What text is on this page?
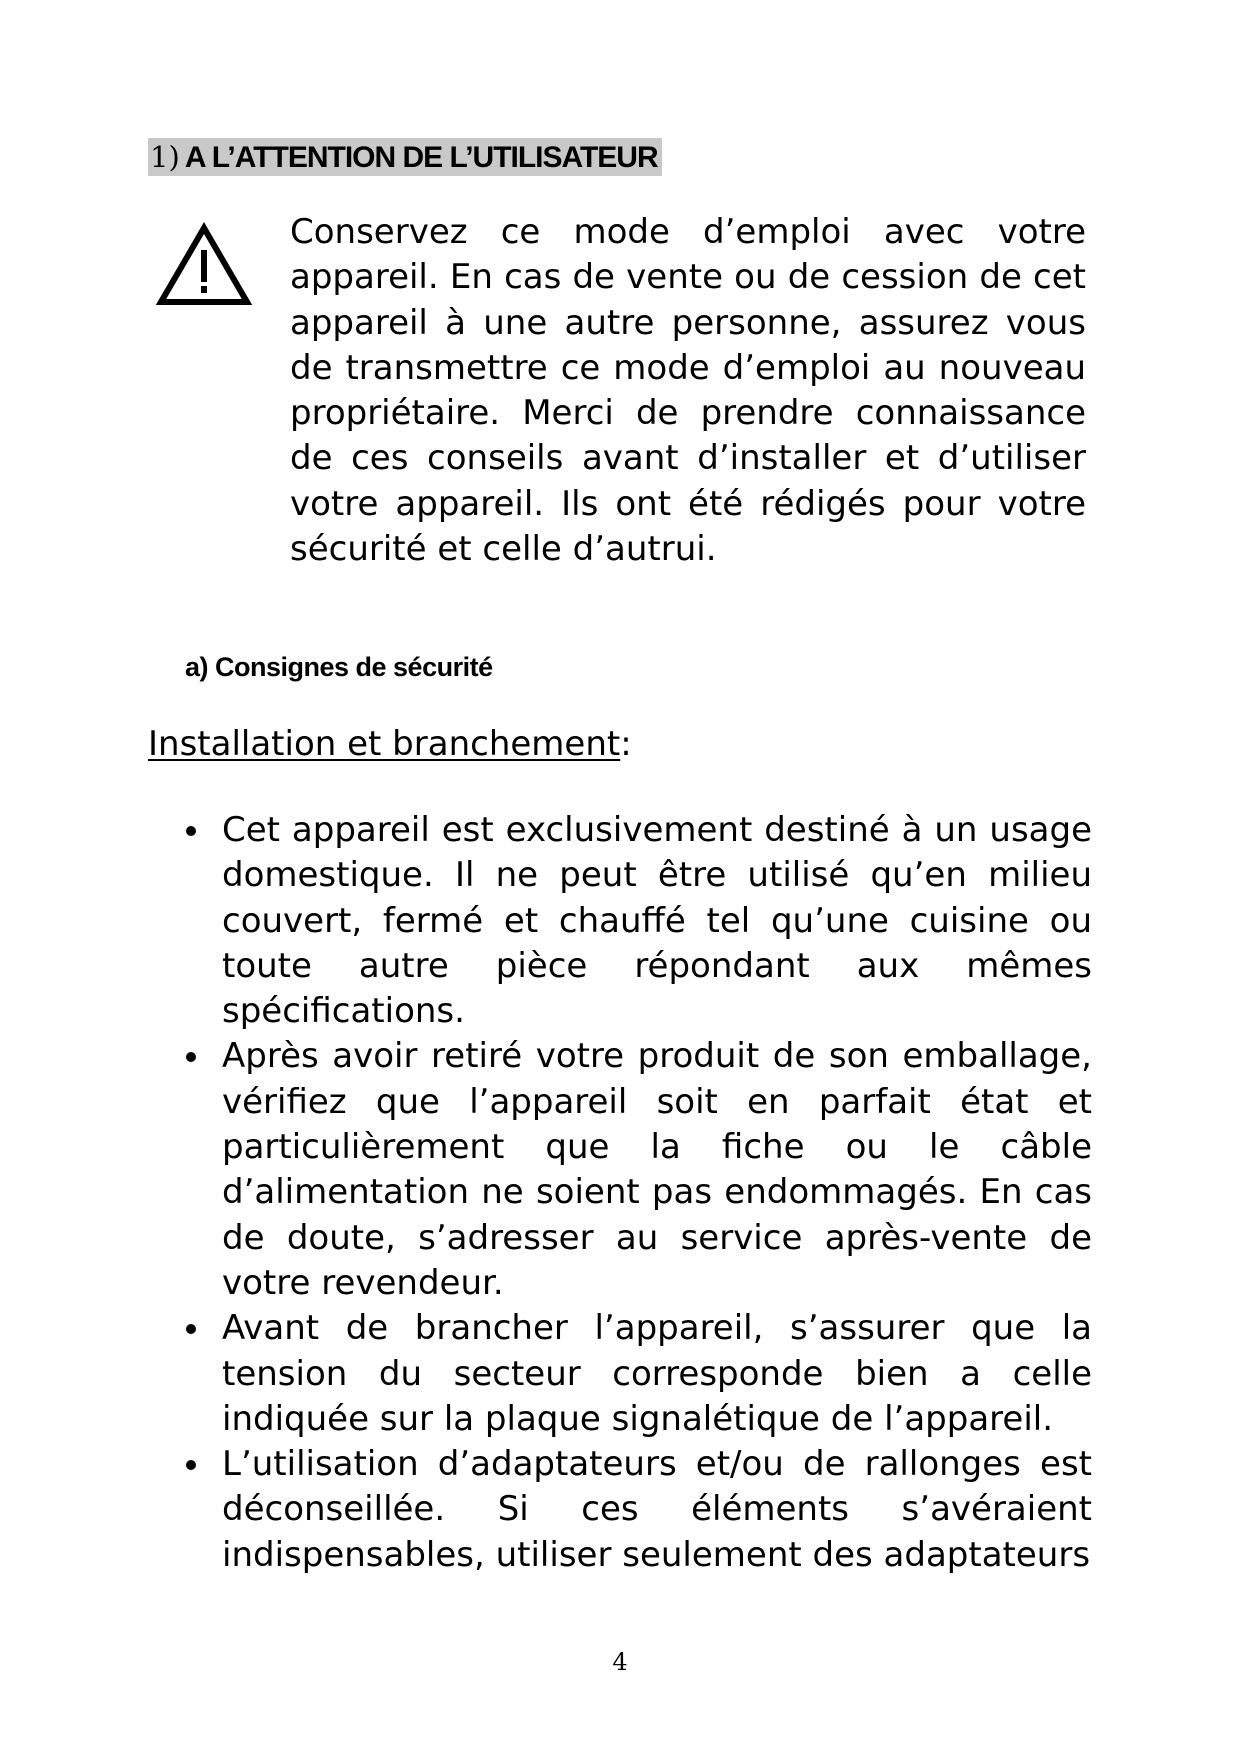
1) A L’ATTENTION DE L’UTILISATEUR

Conservez ce mode d’emploi avec votre appareil. En cas de vente ou de cession de cet appareil à une autre personne, assurez vous de transmettre ce mode d’emploi au nouveau propriétaire. Merci de prendre connaissance de ces conseils avant d’installer et d’utiliser votre appareil. Ils ont été rédigés pour votre sécurité et celle d’autrui.

a) Consignes de sécurité

Installation et branchement:

Cet appareil est exclusivement destiné à un usage domestique. Il ne peut être utilisé qu’en milieu couvert, fermé et chauffé tel qu’une cuisine ou toute autre pièce répondant aux mêmes spécifications.
Après avoir retiré votre produit de son emballage, vérifiez que l’appareil soit en parfait état et particulièrement que la fiche ou le câble d’alimentation ne soient pas endommagés. En cas de doute, s’adresser au service après-vente de votre revendeur.
Avant de brancher l’appareil, s’assurer que la tension du secteur corresponde bien a celle indiquée sur la plaque signalétique de l’appareil.
L’utilisation d’adaptateurs et/ou de rallonges est déconseillée. Si ces éléments s’avéraient indispensables, utiliser seulement des adaptateurs
4
